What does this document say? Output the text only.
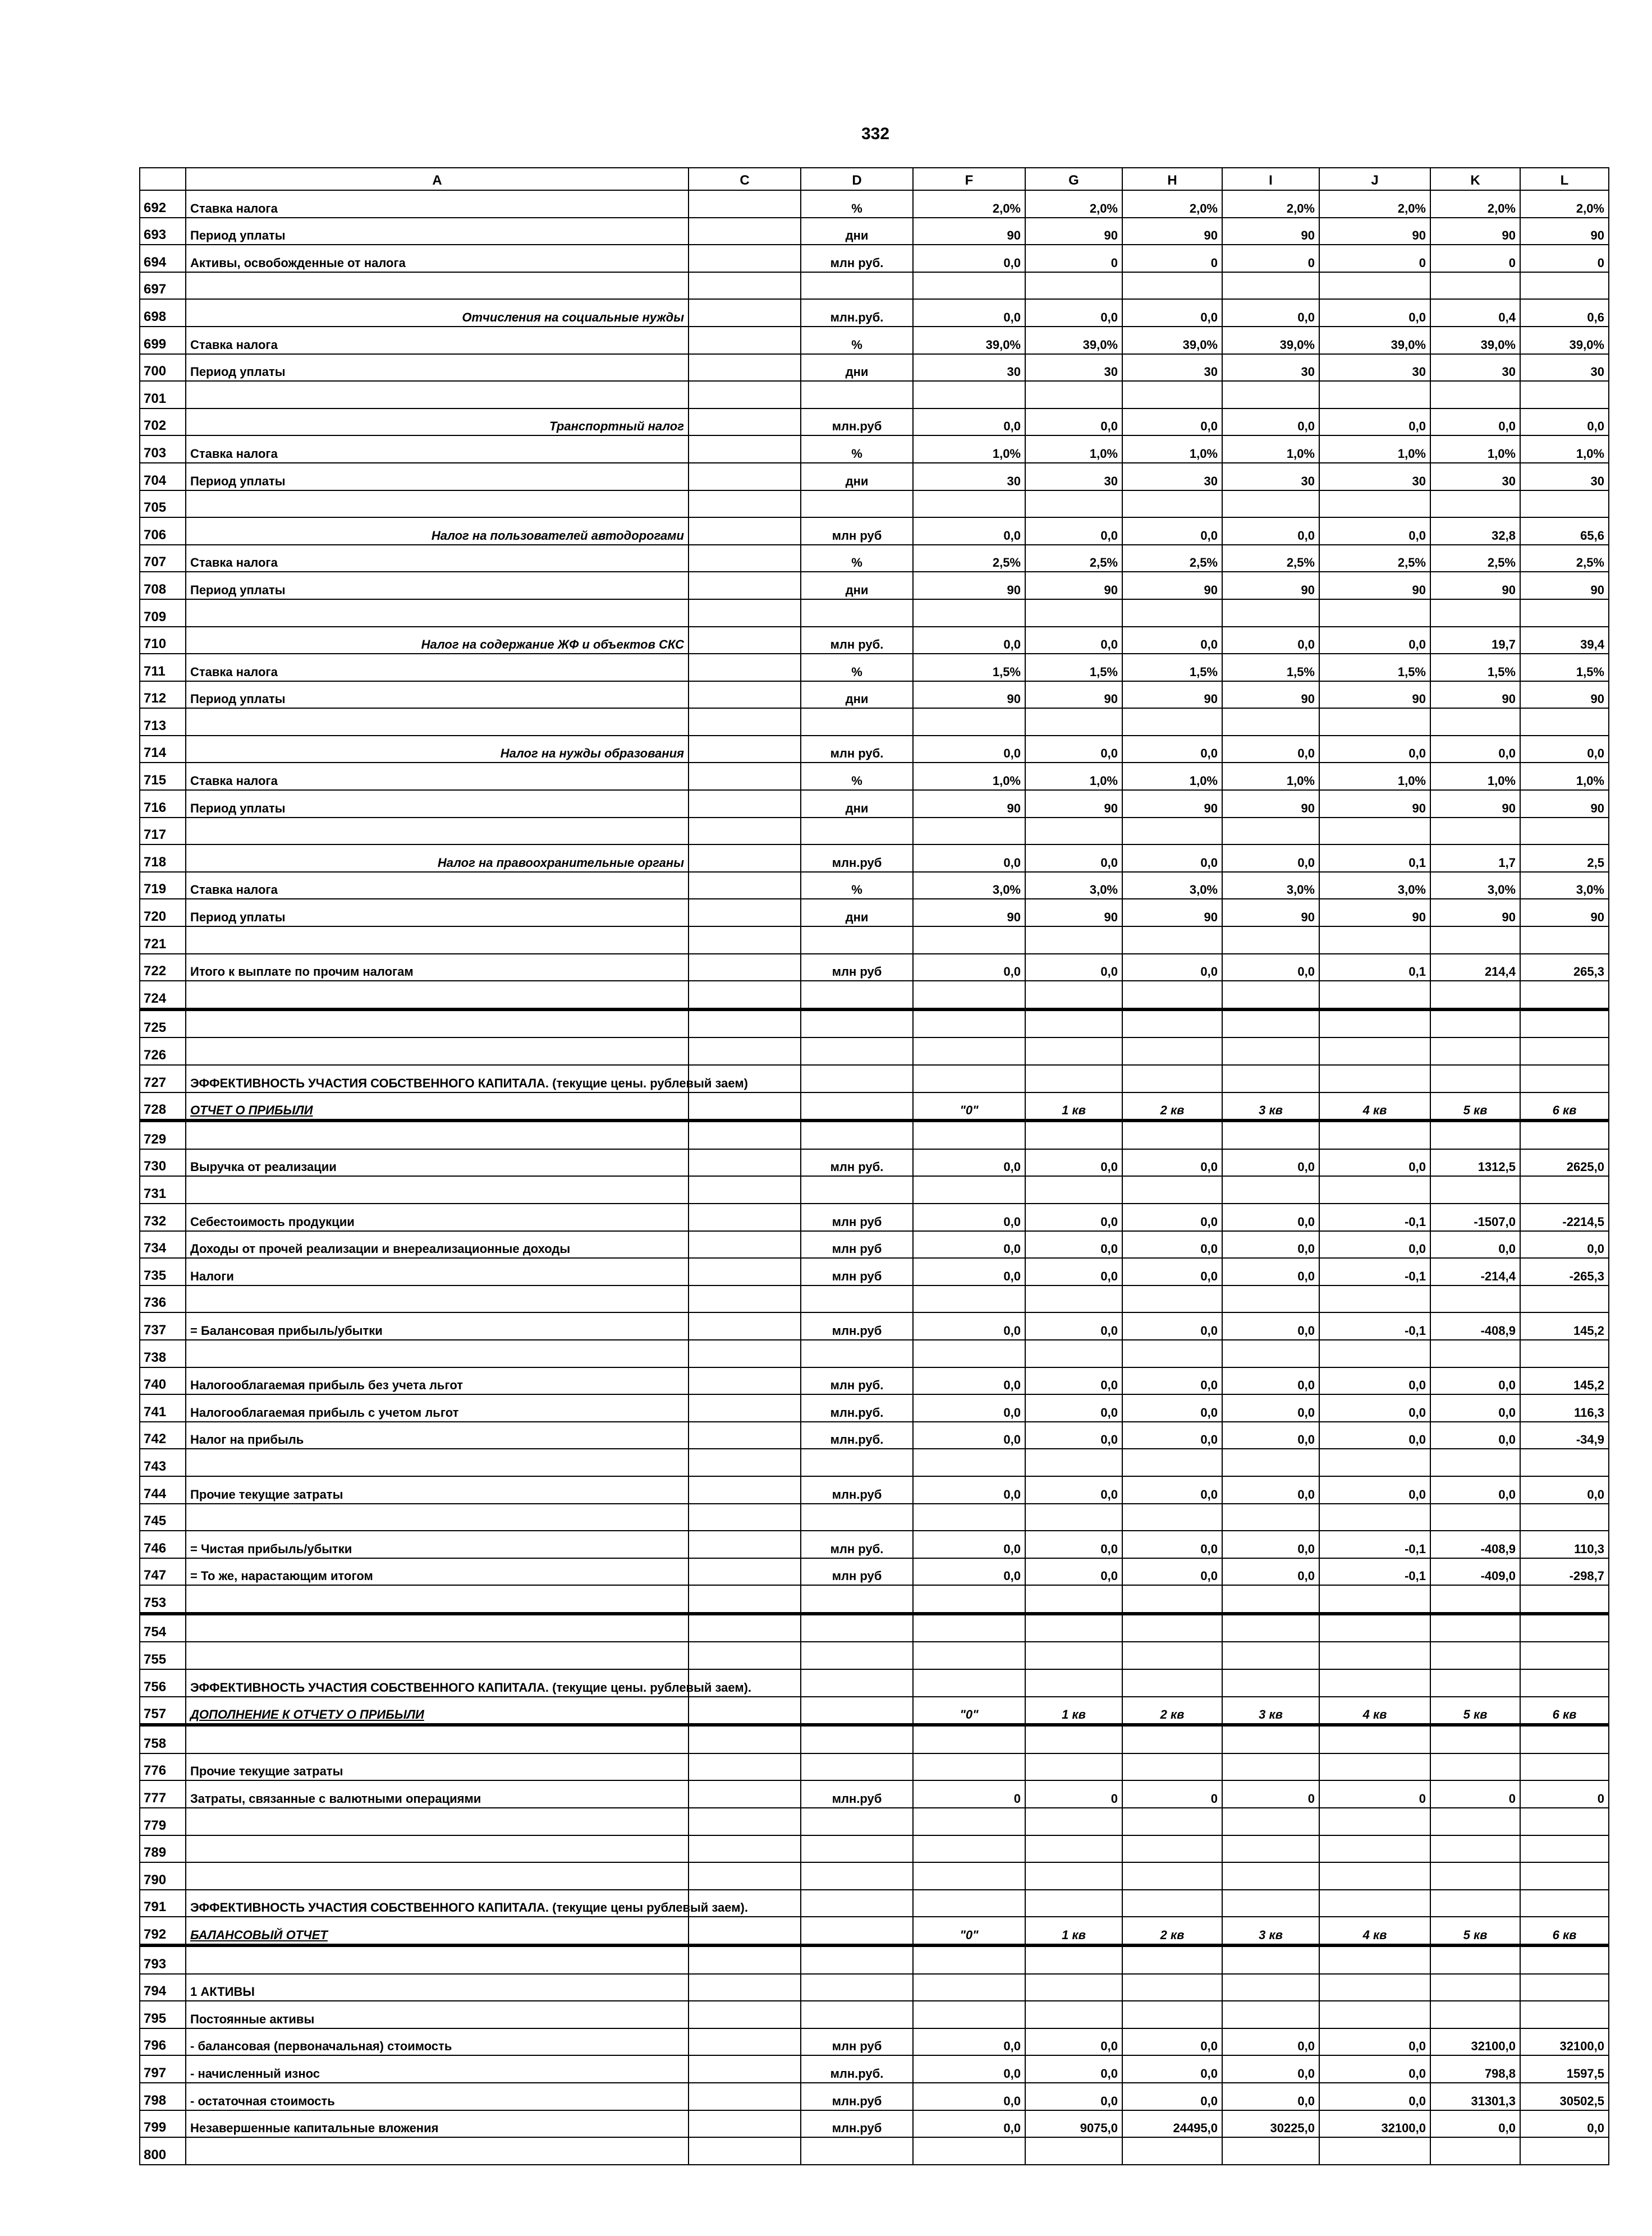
332
	A	C	D	F	G	H	I	J	K	L
692	Ставка налога		%	2,0%	2,0%	2,0%	2,0%	2,0%	2,0%	2,0%
693	Период уплаты		дни	90	90	90	90	90	90	90
694	Активы, освобожденные от налога		млн руб.	0,0	0	0	0	0	0	0
697										
698	Отчисления на социальные нужды		млн.руб.	0,0	0,0	0,0	0,0	0,0	0,4	0,6
699	Ставка налога		%	39,0%	39,0%	39,0%	39,0%	39,0%	39,0%	39,0%
700	Период уплаты		дни	30	30	30	30	30	30	30
701										
702	Транспортный налог		млн.руб	0,0	0,0	0,0	0,0	0,0	0,0	0,0
703	Ставка налога		%	1,0%	1,0%	1,0%	1,0%	1,0%	1,0%	1,0%
704	Период уплаты		дни	30	30	30	30	30	30	30
705										
706	Налог на пользователей автодорогами		млн руб	0,0	0,0	0,0	0,0	0,0	32,8	65,6
707	Ставка налога		%	2,5%	2,5%	2,5%	2,5%	2,5%	2,5%	2,5%
708	Период уплаты		дни	90	90	90	90	90	90	90
709										
710	Налог на содержание ЖФ и объектов СКС		млн руб.	0,0	0,0	0,0	0,0	0,0	19,7	39,4
711	Ставка налога		%	1,5%	1,5%	1,5%	1,5%	1,5%	1,5%	1,5%
712	Период уплаты		дни	90	90	90	90	90	90	90
713										
714	Налог на нужды образования		млн руб.	0,0	0,0	0,0	0,0	0,0	0,0	0,0
715	Ставка налога		%	1,0%	1,0%	1,0%	1,0%	1,0%	1,0%	1,0%
716	Период уплаты		дни	90	90	90	90	90	90	90
717										
718	Налог на правоохранительные органы		млн.руб	0,0	0,0	0,0	0,0	0,1	1,7	2,5
719	Ставка налога		%	3,0%	3,0%	3,0%	3,0%	3,0%	3,0%	3,0%
720	Период уплаты		дни	90	90	90	90	90	90	90
721										
722	Итого к выплате по прочим налогам		млн руб	0,0	0,0	0,0	0,0	0,1	214,4	265,3
724										
725										
726										
727	ЭФФЕКТИВНОСТЬ УЧАСТИЯ СОБСТВЕННОГО КАПИТАЛА. (текущие цены. рублевый заем)									
728	ОТЧЕТ О ПРИБЫЛИ			"0"	1 кв	2 кв	3 кв	4 кв	5 кв	6 кв
729										
730	Выручка от реализации		млн руб.	0,0	0,0	0,0	0,0	0,0	1312,5	2625,0
731										
732	Себестоимость продукции		млн руб	0,0	0,0	0,0	0,0	-0,1	-1507,0	-2214,5
734	Доходы от прочей реализации и внереализационные доходы		млн руб	0,0	0,0	0,0	0,0	0,0	0,0	0,0
735	Налоги		млн руб	0,0	0,0	0,0	0,0	-0,1	-214,4	-265,3
736										
737	= Балансовая прибыль/убытки		млн.руб	0,0	0,0	0,0	0,0	-0,1	-408,9	145,2
738										
740	Налогооблагаемая прибыль без учета льгот		млн руб.	0,0	0,0	0,0	0,0	0,0	0,0	145,2
741	Налогооблагаемая прибыль с учетом льгот		млн.руб.	0,0	0,0	0,0	0,0	0,0	0,0	116,3
742	Налог на прибыль		млн.руб.	0,0	0,0	0,0	0,0	0,0	0,0	-34,9
743										
744	Прочие текущие затраты		млн.руб	0,0	0,0	0,0	0,0	0,0	0,0	0,0
745										
746	= Чистая прибыль/убытки		млн руб.	0,0	0,0	0,0	0,0	-0,1	-408,9	110,3
747	= То же, нарастающим итогом		млн руб	0,0	0,0	0,0	0,0	-0,1	-409,0	-298,7
753										
754										
755										
756	ЭФФЕКТИВНОСТЬ УЧАСТИЯ СОБСТВЕННОГО КАПИТАЛА. (текущие цены. рублевый заем).									
757	ДОПОЛНЕНИЕ К ОТЧЕТУ О ПРИБЫЛИ			"0"	1 кв	2 кв	3 кв	4 кв	5 кв	6 кв
758										
776	Прочие текущие затраты									
777	Затраты, связанные с валютными операциями		млн.руб	0	0	0	0	0	0	0
779										
789										
790										
791	ЭФФЕКТИВНОСТЬ УЧАСТИЯ СОБСТВЕННОГО КАПИТАЛА. (текущие цены рублевый заем).									
792	БАЛАНСОВЫЙ ОТЧЕТ			"0"	1 кв	2 кв	3 кв	4 кв	5 кв	6 кв
793										
794	1 АКТИВЫ									
795	Постоянные активы									
796	- балансовая (первоначальная) стоимость		млн руб	0,0	0,0	0,0	0,0	0,0	32100,0	32100,0
797	- начисленный износ		млн.руб.	0,0	0,0	0,0	0,0	0,0	798,8	1597,5
798	- остаточная стоимость		млн.руб	0,0	0,0	0,0	0,0	0,0	31301,3	30502,5
799	Незавершенные капитальные вложения		млн.руб	0,0	9075,0	24495,0	30225,0	32100,0	0,0	0,0
800										
